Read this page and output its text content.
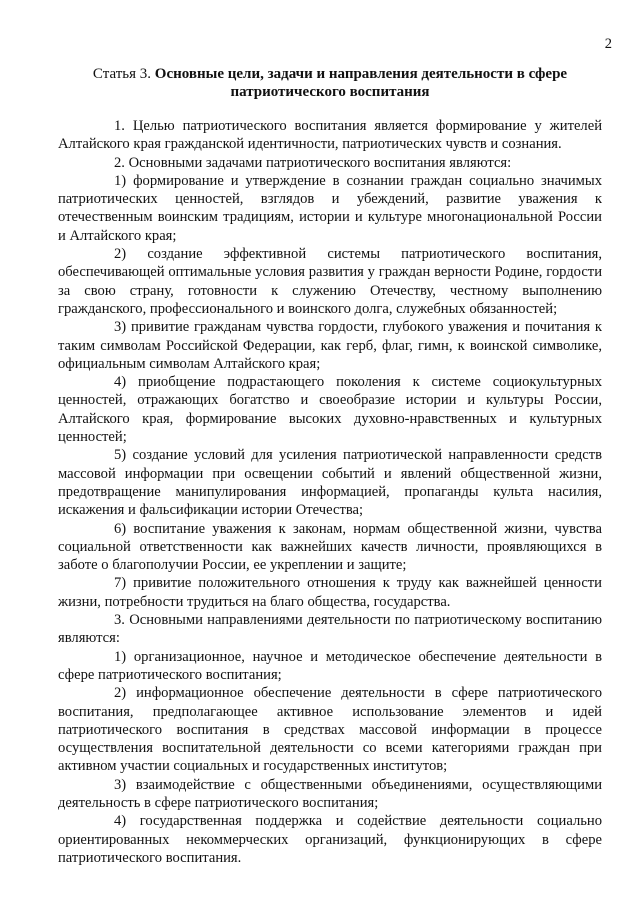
2
Статья 3. Основные цели, задачи и направления деятельности в сфере патриотического воспитания

1. Целью патриотического воспитания является формирование у жителей Алтайского края гражданской идентичности, патриотических чувств и сознания.

2. Основными задачами патриотического воспитания являются:

1) формирование и утверждение в сознании граждан социально значимых патриотических ценностей, взглядов и убеждений, развитие уважения к отечественным воинским традициям, истории и культуре многонациональной России и Алтайского края;

2) создание эффективной системы патриотического воспитания, обеспечивающей оптимальные условия развития у граждан верности Родине, гордости за свою страну, готовности к служению Отечеству, честному выполнению гражданского, профессионального и воинского долга, служебных обязанностей;

3) привитие гражданам чувства гордости, глубокого уважения и почитания к таким символам Российской Федерации, как герб, флаг, гимн, к воинской символике, официальным символам Алтайского края;

4) приобщение подрастающего поколения к системе социокультурных ценностей, отражающих богатство и своеобразие истории и культуры России, Алтайского края, формирование высоких духовно-нравственных и культурных ценностей;

5) создание условий для усиления патриотической направленности средств массовой информации при освещении событий и явлений общественной жизни, предотвращение манипулирования информацией, пропаганды культа насилия, искажения и фальсификации истории Отечества;

6) воспитание уважения к законам, нормам общественной жизни, чувства социальной ответственности как важнейших качеств личности, проявляющихся в заботе о благополучии России, ее укреплении и защите;

7) привитие положительного отношения к труду как важнейшей ценности жизни, потребности трудиться на благо общества, государства.

3. Основными направлениями деятельности по патриотическому воспитанию являются:

1) организационное, научное и методическое обеспечение деятельности в сфере патриотического воспитания;

2) информационное обеспечение деятельности в сфере патриотического воспитания, предполагающее активное использование элементов и идей патриотического воспитания в средствах массовой информации в процессе осуществления воспитательной деятельности со всеми категориями граждан при активном участии социальных и государственных институтов;

3) взаимодействие с общественными объединениями, осуществляющими деятельность в сфере патриотического воспитания;

4) государственная поддержка и содействие деятельности социально ориентированных некоммерческих организаций, функционирующих в сфере патриотического воспитания.
